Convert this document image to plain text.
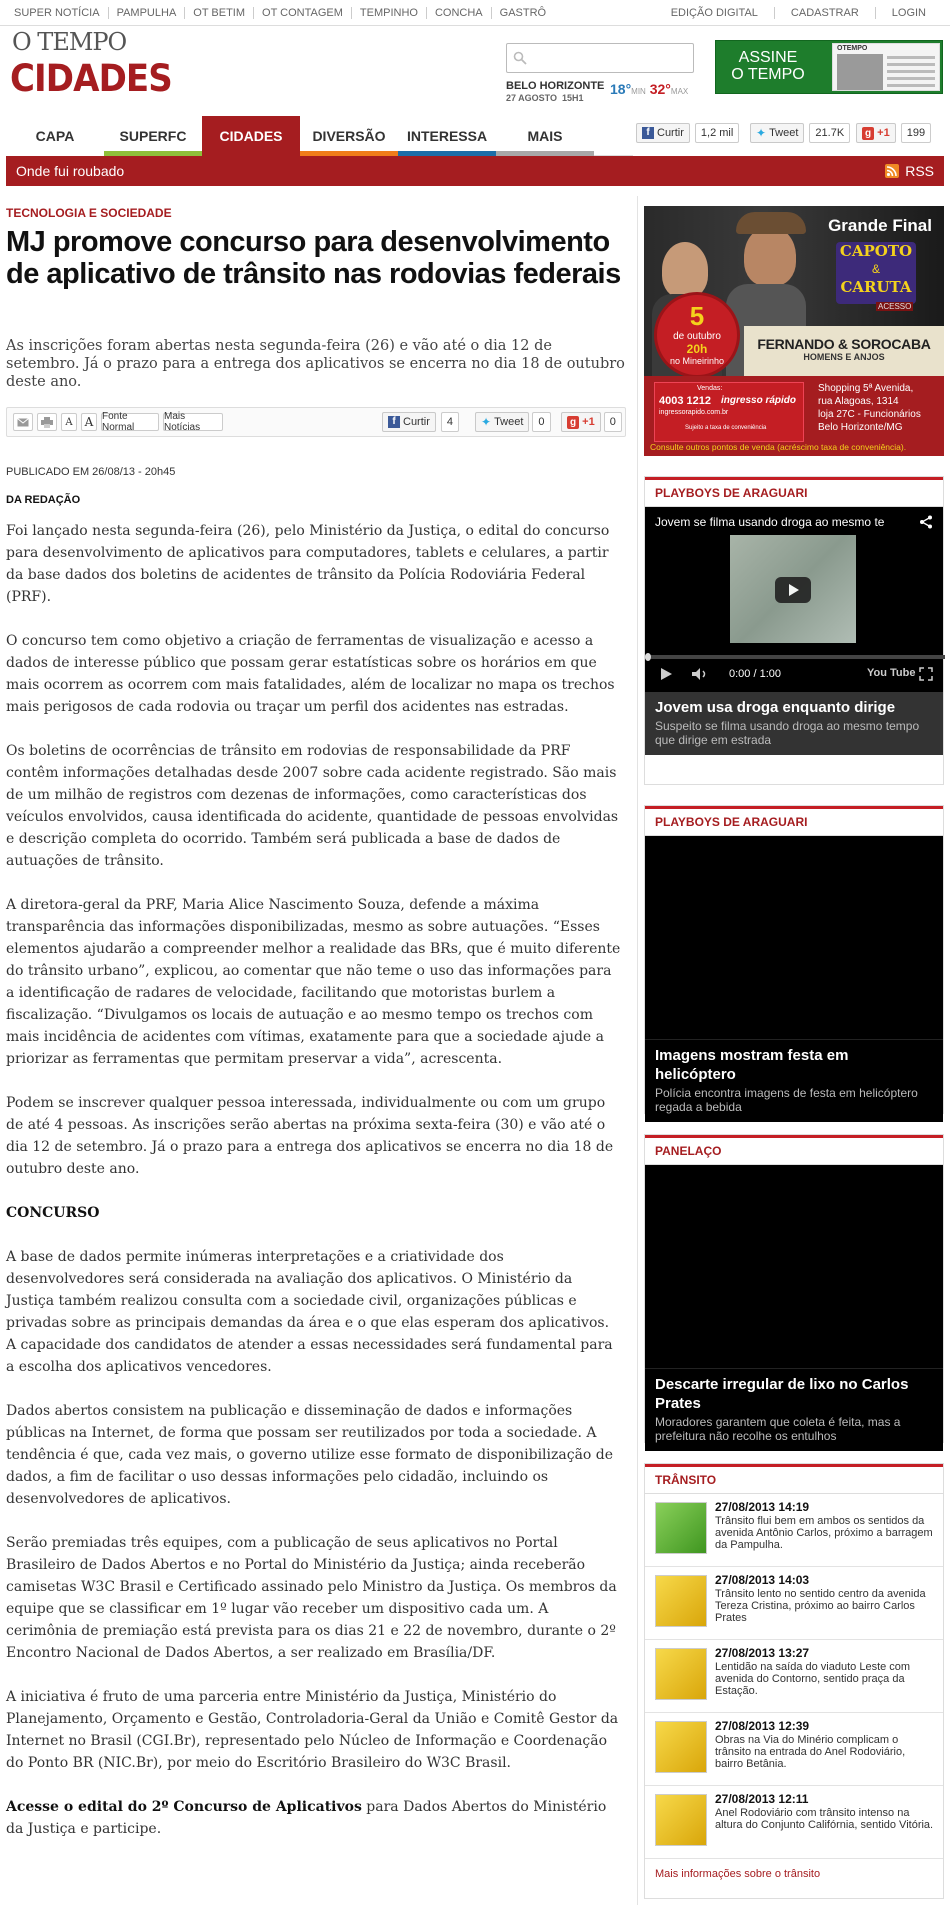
SUPER NOTÍCIA	PAMPULHA	OT BETIM	OT CONTAGEM	TEMPINHO	CONCHA	GASTRÔ	EDIÇÃO DIGITAL	CADASTRAR	LOGIN
O TEMPO
CIDADES	BELO HORIZONTE
27 AGOSTO 15H1
18°MIN 32°MAX
ASSINE
O TEMPO
OTEMPO
CAPA	SUPERFC CIDADES DIVERSÃO INTERESSA	MAIS	f Curtir	1,2 mil	✦ Tweet	21.7K	g
+1	199
Onde fui roubado	RSS
TECNOLOGIA E SOCIEDADE
MJ promove concurso para desenvolvimento de aplicativo de trânsito nas rodovias federais
As inscrições foram abertas nesta segunda-feira (26) e vão até o dia 12 de setembro. Já o prazo para a entrega dos aplicativos se encerra no dia 18 de outubro deste ano.
A	A Fonte Normal
Mais Notícias
f Curtir	4	✦ Tweet	0	g
+1	0
PUBLICADO EM 26/08/13 - 20h45
DA REDAÇÃO

Foi lançado nesta segunda-feira (26), pelo Ministério da Justiça, o edital do concurso para desenvolvimento de aplicativos para computadores, tablets e celulares, a partir da base dados dos boletins de acidentes de trânsito da Polícia Rodoviária Federal (PRF).

O concurso tem como objetivo a criação de ferramentas de visualização e acesso a dados de interesse público que possam gerar estatísticas sobre os horários em que mais ocorrem as ocorrem com mais fatalidades, além de localizar no mapa os trechos mais perigosos de cada rodovia ou traçar um perfil dos acidentes nas estradas.

Os boletins de ocorrências de trânsito em rodovias de responsabilidade da PRF contêm informações detalhadas desde 2007 sobre cada acidente registrado. São mais de um milhão de registros com dezenas de informações, como características dos veículos envolvidos, causa identificada do acidente, quantidade de pessoas envolvidas e descrição completa do ocorrido. Também será publicada a base de dados de autuações de trânsito.

A diretora-geral da PRF, Maria Alice Nascimento Souza, defende a máxima transparência das informações disponibilizadas, mesmo as sobre autuações. “Esses elementos ajudarão a compreender melhor a realidade das BRs, que é muito diferente do trânsito urbano”, explicou, ao comentar que não teme o uso das informações para a identificação de radares de velocidade, facilitando que motoristas burlem a fiscalização. “Divulgamos os locais de autuação e ao mesmo tempo os trechos com mais incidência de acidentes com vítimas, exatamente para que a sociedade ajude a priorizar as ferramentas que permitam preservar a vida”, acrescenta.

Podem se inscrever qualquer pessoa interessada, individualmente ou com um grupo de até 4 pessoas. As inscrições serão abertas na próxima sexta-feira (30) e vão até o dia 12 de setembro. Já o prazo para a entrega dos aplicativos se encerra no dia 18 de outubro deste ano.

CONCURSO

A base de dados permite inúmeras interpretações e a criatividade dos desenvolvedores será considerada na avaliação dos aplicativos. O Ministério da Justiça também realizou consulta com a sociedade civil, organizações públicas e privadas sobre as principais demandas da área e o que elas esperam dos aplicativos. A capacidade dos candidatos de atender a essas necessidades será fundamental para a escolha dos aplicativos vencedores.

Dados abertos consistem na publicação e disseminação de dados e informações públicas na Internet, de forma que possam ser reutilizados por toda a sociedade. A tendência é que, cada vez mais, o governo utilize esse formato de disponibilização de dados, a fim de facilitar o uso dessas informações pelo cidadão, incluindo os desenvolvedores de aplicativos.

Serão premiadas três equipes, com a publicação de seus aplicativos no Portal Brasileiro de Dados Abertos e no Portal do Ministério da Justiça; ainda receberão camisetas W3C Brasil e Certificado assinado pelo Ministro da Justiça. Os membros da equipe que se classificar em 1º lugar vão receber um dispositivo cada um. A cerimônia de premiação está prevista para os dias 21 e 22 de novembro, durante o 2º Encontro Nacional de Dados Abertos, a ser realizado em Brasília/DF.

A iniciativa é fruto de uma parceria entre Ministério da Justiça, Ministério do Planejamento, Orçamento e Gestão, Controladoria-Geral da União e Comitê Gestor da Internet no Brasil (CGI.Br), representado pelo Núcleo de Informação e Coordenação do Ponto BR (NIC.Br), por meio do Escritório Brasileiro do W3C Brasil.

Acesse o edital do 2º Concurso de Aplicativos para Dados Abertos do Ministério da Justiça e participe.

Grande Final
CAPOTO
&
CARUTA
ACESSO
5
de outubro
20h
no Mineirinho
FERNANDO & SOROCABA
HOMENS E ANJOS
Vendas:
4003 1212 ingresso rápido
ingressorapido.com.br
Sujeito a taxa de conveniência
Shopping 5ª Avenida,
rua Alagoas, 1314
loja 27C - Funcionários
Belo Horizonte/MG
Consulte outros pontos de venda (acréscimo taxa de conveniência).
PLAYBOYS DE ARAGUARI
Jovem se filma usando droga ao mesmo te
0:00 / 1:00	You Tube
Jovem usa droga enquanto dirige
Suspeito se filma usando droga ao mesmo tempo que dirige em estrada
PLAYBOYS DE ARAGUARI
Imagens mostram festa em helicóptero
Polícia encontra imagens de festa em helicóptero regada a bebida
PANELAÇO
Descarte irregular de lixo no Carlos Prates
Moradores garantem que coleta é feita, mas a prefeitura não recolhe os entulhos
TRÂNSITO
27/08/2013 14:19
Trânsito flui bem em ambos os sentidos da avenida Antônio Carlos, próximo a barragem da Pampulha.
27/08/2013 14:03
Trânsito lento no sentido centro da avenida Tereza Cristina, próximo ao bairro Carlos Prates
27/08/2013 13:27
Lentidão na saída do viaduto Leste com avenida do Contorno, sentido praça da Estação.
27/08/2013 12:39
Obras na Via do Minério complicam o trânsito na entrada do Anel Rodoviário, bairro Betânia.
27/08/2013 12:11
Anel Rodoviário com trânsito intenso na altura do Conjunto Califórnia, sentido Vitória.
Mais informações sobre o trânsito
